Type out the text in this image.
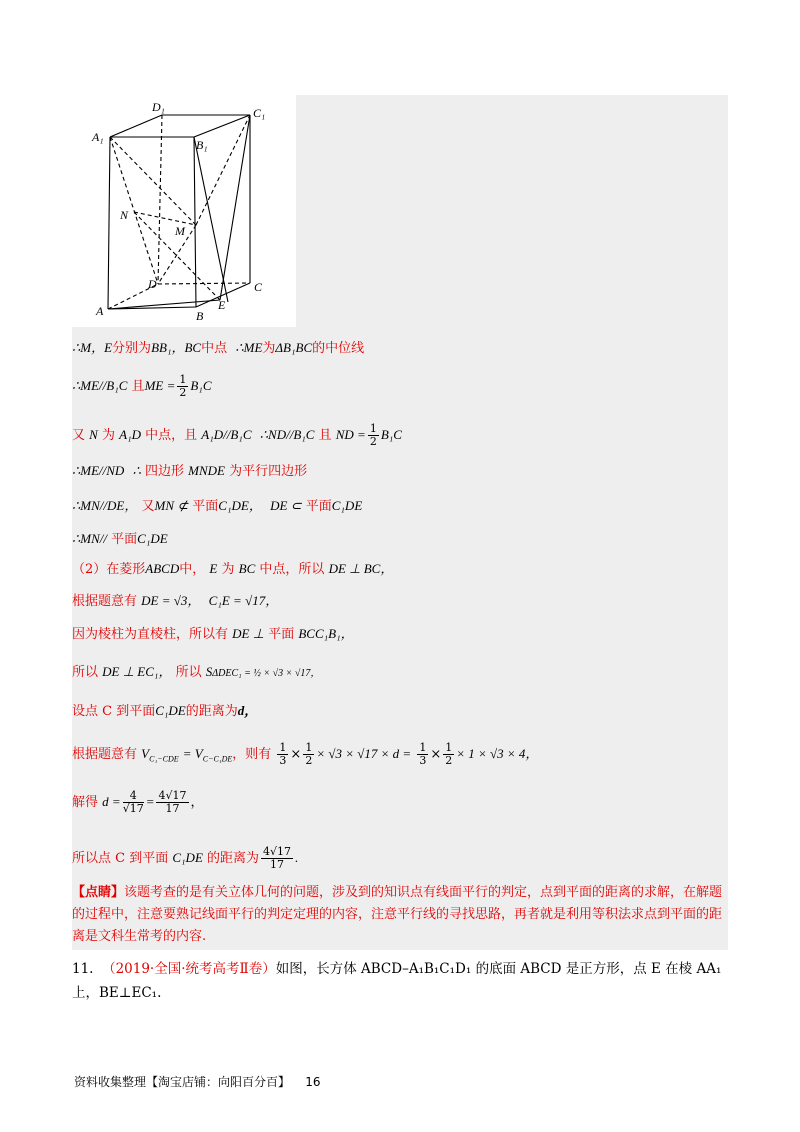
D₁	C₁
A₁
B₁
N
M
D	C
A	B
E
∴M，E分别为BB₁，BC中点 ∴ME为ΔB₁BC的中位线
∴ME//B₁C 且ME = $\frac{1}{2} B_1C$
又 N 为 A₁D 中点，且 A₁D//B₁C ∴ND//B₁C 且 ND = $\frac{1}{2} B_1C$
∴ME//ND ∴ 四边形 MNDE 为平行四边形
∴MN//DE， 又MN ⊄ 平面C₁DE， DE ⊂ 平面C₁DE
∴MN// 平面C₁DE
（2）在菱形ABCD中， E 为 BC 中点，所以 DE ⊥ BC，
根据题意有 DE = √3， C₁E = √17，
因为棱柱为直棱柱，所以有 DE ⊥ 平面 BCC₁B₁，
所以 DE ⊥ EC₁， 所以 SΔDEC₁ = ½ × √3 × √17，
设点 C 到平面C₁DE的距离为d，
根据题意有 $V_{C_1-CDE} = V_{C-C_1DE}$，则有 $\frac{1}{3} \times \frac{1}{2} \times √3 \times √17 \times d = \frac{1}{3} \times \frac{1}{2} \times 1 \times √3 \times 4$，
解得 $d = \frac{4}{√17} = \frac{4√17}{17}$ ，
所以点 C 到平面 C₁DE 的距离为 $\frac{4√17}{17}$ .
【点睛】该题考查的是有关立体几何的问题，涉及到的知识点有线面平行的判定，点到平面的距离的求解，在解题的过程中，注意要熟记线面平行的判定定理的内容，注意平行线的寻找思路，再者就是利用等积法求点到平面的距离是文科生常考的内容.
11. （2019·全国·统考高考Ⅱ卷）如图，长方体 ABCD–A₁B₁C₁D₁ 的底面 ABCD 是正方形，点 E 在棱 AA₁ 上，BE⊥EC₁.
资料收集整理【淘宝店铺：向阳百分百】 16
